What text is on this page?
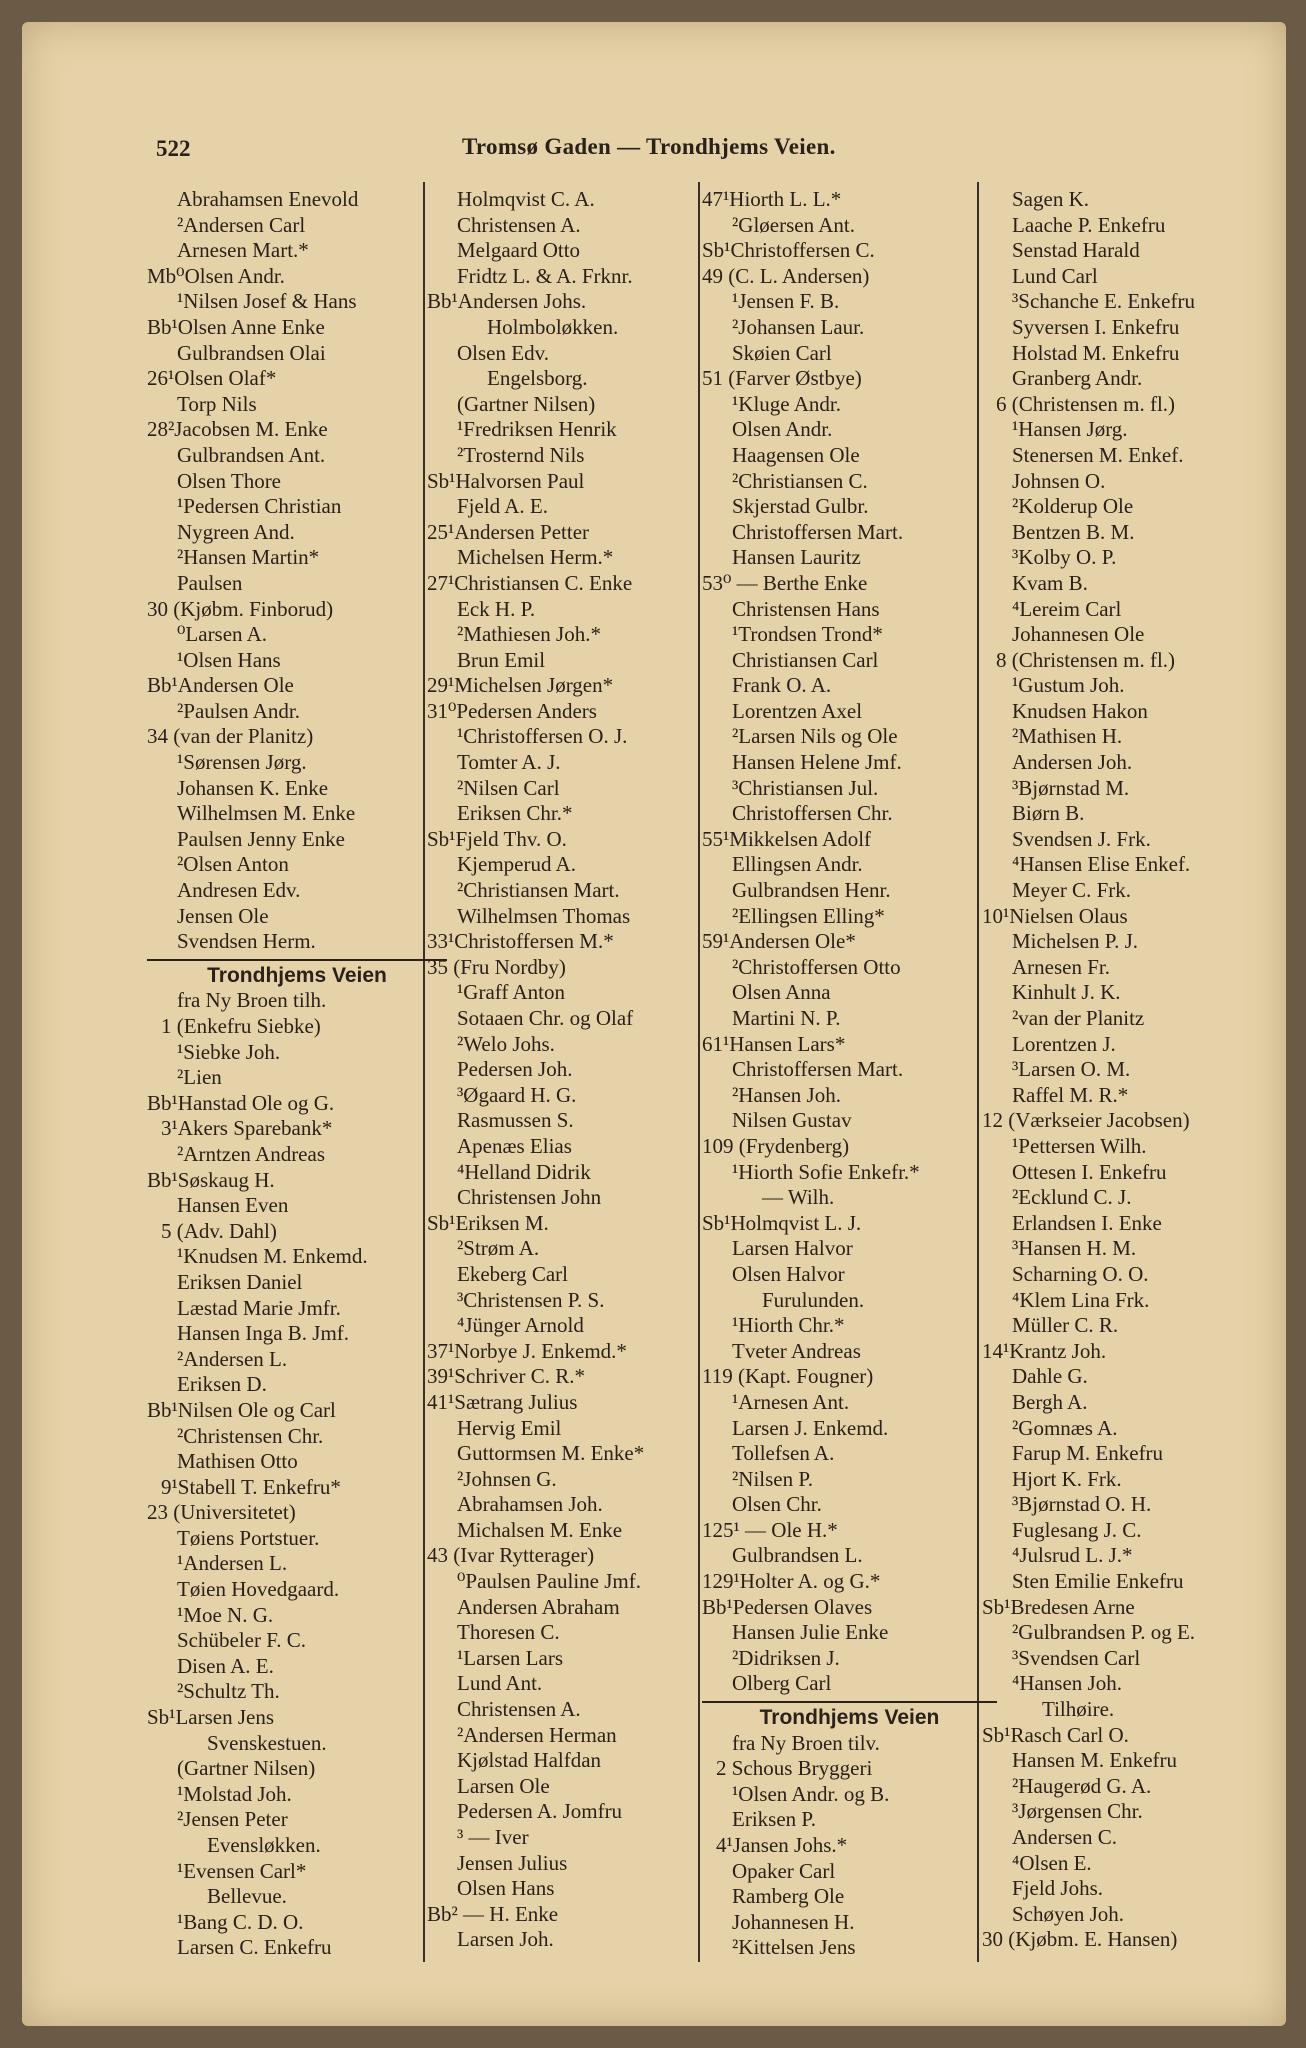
522	Tromsø Gaden — Trondhjems Veien.
Abrahamsen Enevold
²Andersen Carl
Arnesen Mart.*
Mb⁰Olsen Andr.
¹Nilsen Josef & Hans
Bb¹Olsen Anne Enke
Gulbrandsen Olai
26¹Olsen Olaf*
Torp Nils
28²Jacobsen M. Enke
Gulbrandsen Ant.
Olsen Thore
¹Pedersen Christian
Nygreen And.
²Hansen Martin*
Paulsen
30 (Kjøbm. Finborud)
⁰Larsen A.
¹Olsen Hans
Bb¹Andersen Ole
²Paulsen Andr.
34 (van der Planitz)
¹Sørensen Jørg.
Johansen K. Enke
Wilhelmsen M. Enke
Paulsen Jenny Enke
²Olsen Anton
Andresen Edv.
Jensen Ole
Svendsen Herm.
Trondhjems Veien
fra Ny Broen tilh.
1 (Enkefru Siebke)
¹Siebke Joh.
²Lien
Bb¹Hanstad Ole og G.
3¹Akers Sparebank*
²Arntzen Andreas
Bb¹Søskaug H.
Hansen Even
5 (Adv. Dahl)
¹Knudsen M. Enkemd.
Eriksen Daniel
Læstad Marie Jmfr.
Hansen Inga B. Jmf.
²Andersen L.
Eriksen D.
Bb¹Nilsen Ole og Carl
²Christensen Chr.
Mathisen Otto
9¹Stabell T. Enkefru*
23 (Universitetet)
Tøiens Portstuer.
¹Andersen L.
Tøien Hovedgaard.
¹Moe N. G.
Schübeler F. C.
Disen A. E.
²Schultz Th.
Sb¹Larsen Jens
Svenskestuen.
(Gartner Nilsen)
¹Molstad Joh.
²Jensen Peter
Evensløkken.
¹Evensen Carl*
Bellevue.
¹Bang C. D. O.
Larsen C. Enkefru
Holmqvist C. A.
Christensen A.
Melgaard Otto
Fridtz L. & A. Frknr.
Bb¹Andersen Johs.
Holmboløkken.
Olsen Edv.
Engelsborg.
(Gartner Nilsen)
¹Fredriksen Henrik
²Trosternd Nils
Sb¹Halvorsen Paul
Fjeld A. E.
25¹Andersen Petter
Michelsen Herm.*
27¹Christiansen C. Enke
Eck H. P.
²Mathiesen Joh.*
Brun Emil
29¹Michelsen Jørgen*
31⁰Pedersen Anders
¹Christoffersen O. J.
Tomter A. J.
²Nilsen Carl
Eriksen Chr.*
Sb¹Fjeld Thv. O.
Kjemperud A.
²Christiansen Mart.
Wilhelmsen Thomas
33¹Christoffersen M.*
35 (Fru Nordby)
¹Graff Anton
Sotaaen Chr. og Olaf
²Welo Johs.
Pedersen Joh.
³Øgaard H. G.
Rasmussen S.
Apenæs Elias
⁴Helland Didrik
Christensen John
Sb¹Eriksen M.
²Strøm A.
Ekeberg Carl
³Christensen P. S.
⁴Jünger Arnold
37¹Norbye J. Enkemd.*
39¹Schriver C. R.*
41¹Sætrang Julius
Hervig Emil
Guttormsen M. Enke*
²Johnsen G.
Abrahamsen Joh.
Michalsen M. Enke
43 (Ivar Rytterager)
⁰Paulsen Pauline Jmf.
Andersen Abraham
Thoresen C.
¹Larsen Lars
Lund Ant.
Christensen A.
²Andersen Herman
Kjølstad Halfdan
Larsen Ole
Pedersen A. Jomfru
³ — Iver
Jensen Julius
Olsen Hans
Bb² — H. Enke
Larsen Joh.
47¹Hiorth L. L.*
²Gløersen Ant.
Sb¹Christoffersen C.
49 (C. L. Andersen)
¹Jensen F. B.
²Johansen Laur.
Skøien Carl
51 (Farver Østbye)
¹Kluge Andr.
Olsen Andr.
Haagensen Ole
²Christiansen C.
Skjerstad Gulbr.
Christoffersen Mart.
Hansen Lauritz
53⁰ — Berthe Enke
Christensen Hans
¹Trondsen Trond*
Christiansen Carl
Frank O. A.
Lorentzen Axel
²Larsen Nils og Ole
Hansen Helene Jmf.
³Christiansen Jul.
Christoffersen Chr.
55¹Mikkelsen Adolf
Ellingsen Andr.
Gulbrandsen Henr.
²Ellingsen Elling*
59¹Andersen Ole*
²Christoffersen Otto
Olsen Anna
Martini N. P.
61¹Hansen Lars*
Christoffersen Mart.
²Hansen Joh.
Nilsen Gustav
109 (Frydenberg)
¹Hiorth Sofie Enkefr.*
— Wilh.
Sb¹Holmqvist L. J.
Larsen Halvor
Olsen Halvor
Furulunden.
¹Hiorth Chr.*
Tveter Andreas
119 (Kapt. Fougner)
¹Arnesen Ant.
Larsen J. Enkemd.
Tollefsen A.
²Nilsen P.
Olsen Chr.
125¹ — Ole H.*
Gulbrandsen L.
129¹Holter A. og G.*
Bb¹Pedersen Olaves
Hansen Julie Enke
²Didriksen J.
Olberg Carl
Trondhjems Veien
fra Ny Broen tilv.
2 Schous Bryggeri
¹Olsen Andr. og B.
Eriksen P.
4¹Jansen Johs.*
Opaker Carl
Ramberg Ole
Johannesen H.
²Kittelsen Jens
Sagen K.
Laache P. Enkefru
Senstad Harald
Lund Carl
³Schanche E. Enkefru
Syversen I. Enkefru
Holstad M. Enkefru
Granberg Andr.
6 (Christensen m. fl.)
¹Hansen Jørg.
Stenersen M. Enkef.
Johnsen O.
²Kolderup Ole
Bentzen B. M.
³Kolby O. P.
Kvam B.
⁴Lereim Carl
Johannesen Ole
8 (Christensen m. fl.)
¹Gustum Joh.
Knudsen Hakon
²Mathisen H.
Andersen Joh.
³Bjørnstad M.
Biørn B.
Svendsen J. Frk.
⁴Hansen Elise Enkef.
Meyer C. Frk.
10¹Nielsen Olaus
Michelsen P. J.
Arnesen Fr.
Kinhult J. K.
²van der Planitz
Lorentzen J.
³Larsen O. M.
Raffel M. R.*
12 (Værkseier Jacobsen)
¹Pettersen Wilh.
Ottesen I. Enkefru
²Ecklund C. J.
Erlandsen I. Enke
³Hansen H. M.
Scharning O. O.
⁴Klem Lina Frk.
Müller C. R.
14¹Krantz Joh.
Dahle G.
Bergh A.
²Gomnæs A.
Farup M. Enkefru
Hjort K. Frk.
³Bjørnstad O. H.
Fuglesang J. C.
⁴Julsrud L. J.*
Sten Emilie Enkefru
Sb¹Bredesen Arne
²Gulbrandsen P. og E.
³Svendsen Carl
⁴Hansen Joh.
Tilhøire.
Sb¹Rasch Carl O.
Hansen M. Enkefru
²Haugerød G. A.
³Jørgensen Chr.
Andersen C.
⁴Olsen E.
Fjeld Johs.
Schøyen Joh.
30 (Kjøbm. E. Hansen)
